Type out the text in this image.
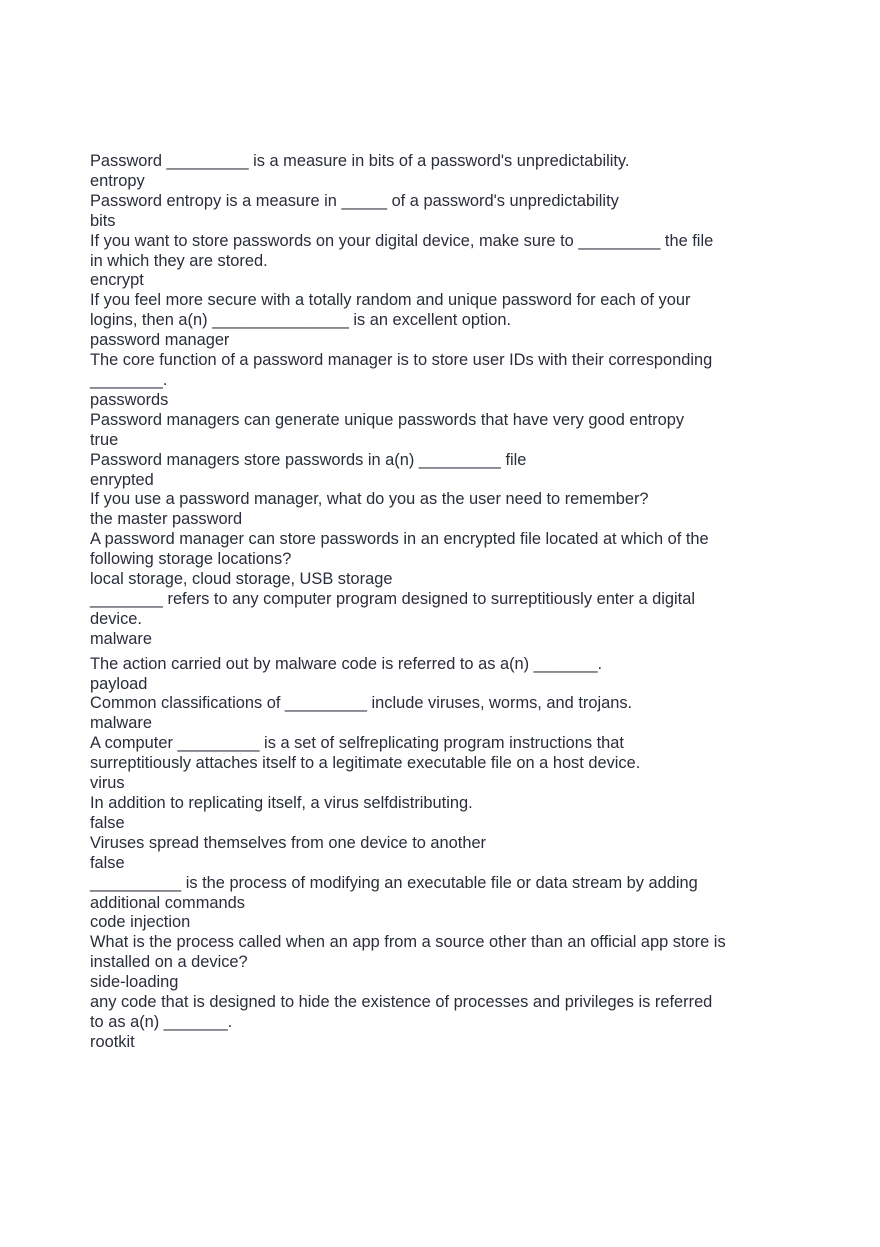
Password _________ is a measure in bits of a password's unpredictability.
entropy
Password entropy is a measure in _____ of a password's unpredictability
bits
If you want to store passwords on your digital device, make sure to _________ the file
in which they are stored.
encrypt
If you feel more secure with a totally random and unique password for each of your
logins, then a(n) _______________ is an excellent option.
password manager
The core function of a password manager is to store user IDs with their corresponding
________.
passwords
Password managers can generate unique passwords that have very good entropy
true
Password managers store passwords in a(n) _________ file
enrypted
If you use a password manager, what do you as the user need to remember?
the master password
A password manager can store passwords in an encrypted file located at which of the
following storage locations?
local storage, cloud storage, USB storage
________ refers to any computer program designed to surreptitiously enter a digital
device.
malware
The action carried out by malware code is referred to as a(n) _______.
payload
Common classifications of _________ include viruses, worms, and trojans.
malware
A computer _________ is a set of selfreplicating program instructions that
surreptitiously attaches itself to a legitimate executable file on a host device.
virus
In addition to replicating itself, a virus selfdistributing.
false
Viruses spread themselves from one device to another
false
__________ is the process of modifying an executable file or data stream by adding
additional commands
code injection
What is the process called when an app from a source other than an official app store is
installed on a device?
side-loading
any code that is designed to hide the existence of processes and privileges is referred
to as a(n) _______.
rootkit
